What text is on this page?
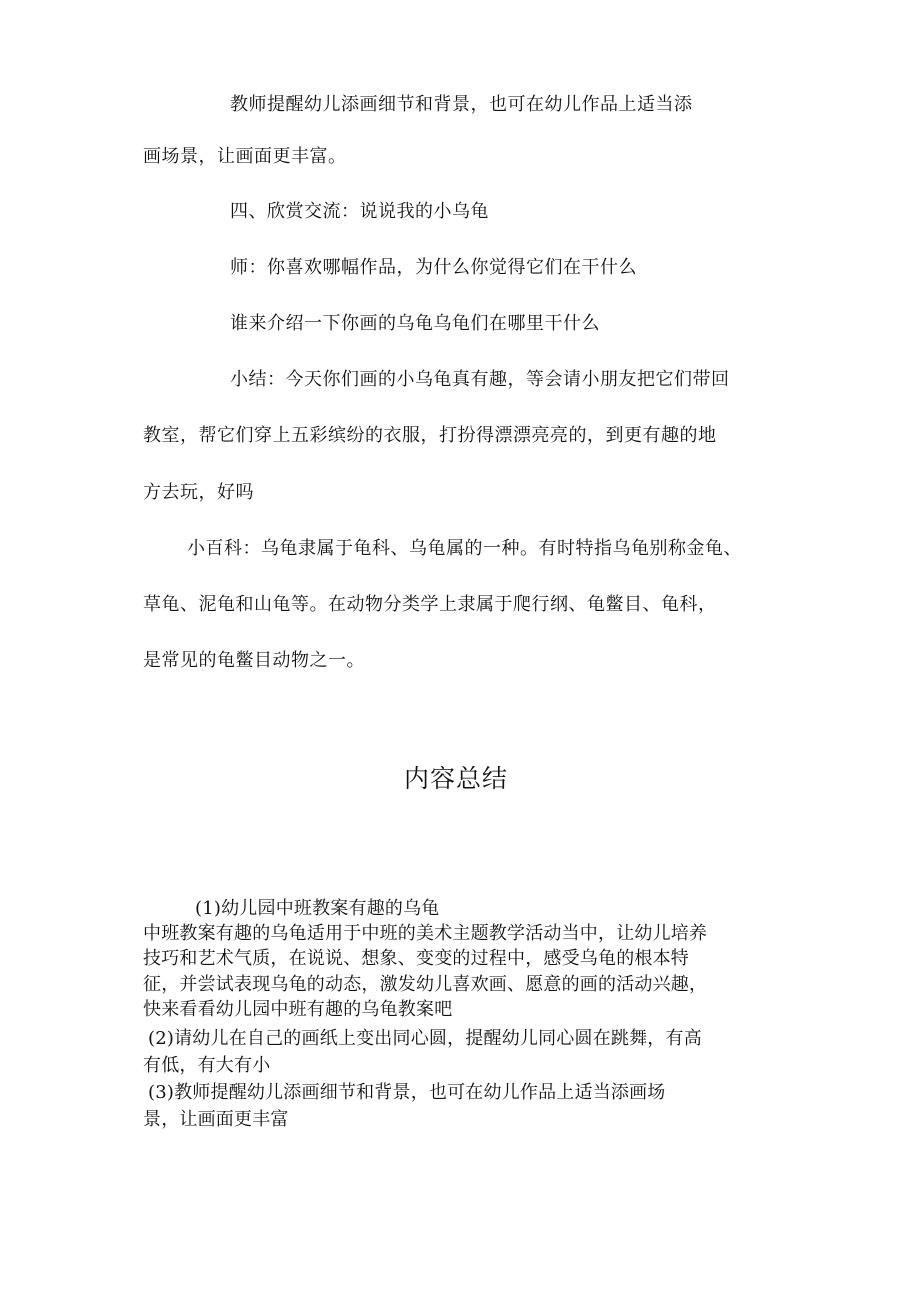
教师提醒幼儿添画细节和背景，也可在幼儿作品上适当添
画场景，让画面更丰富。
四、欣赏交流：说说我的小乌龟
师：你喜欢哪幅作品，为什么你觉得它们在干什么
谁来介绍一下你画的乌龟乌龟们在哪里干什么
小结：今天你们画的小乌龟真有趣，等会请小朋友把它们带回
教室，帮它们穿上五彩缤纷的衣服，打扮得漂漂亮亮的，到更有趣的地
方去玩，好吗
小百科：乌龟隶属于龟科、乌龟属的一种。有时特指乌龟别称金龟、
草龟、泥龟和山龟等。在动物分类学上隶属于爬行纲、龟鳖目、龟科，
是常见的龟鳖目动物之一。
内容总结
(1)幼儿园中班教案有趣的乌龟
中班教案有趣的乌龟适用于中班的美术主题教学活动当中，让幼儿培养
技巧和艺术气质，在说说、想象、变变的过程中，感受乌龟的根本特
征，并尝试表现乌龟的动态，激发幼儿喜欢画、愿意的画的活动兴趣，
快来看看幼儿园中班有趣的乌龟教案吧
(2)请幼儿在自己的画纸上变出同心圆，提醒幼儿同心圆在跳舞，有高
有低，有大有小
(3)教师提醒幼儿添画细节和背景，也可在幼儿作品上适当添画场
景，让画面更丰富
